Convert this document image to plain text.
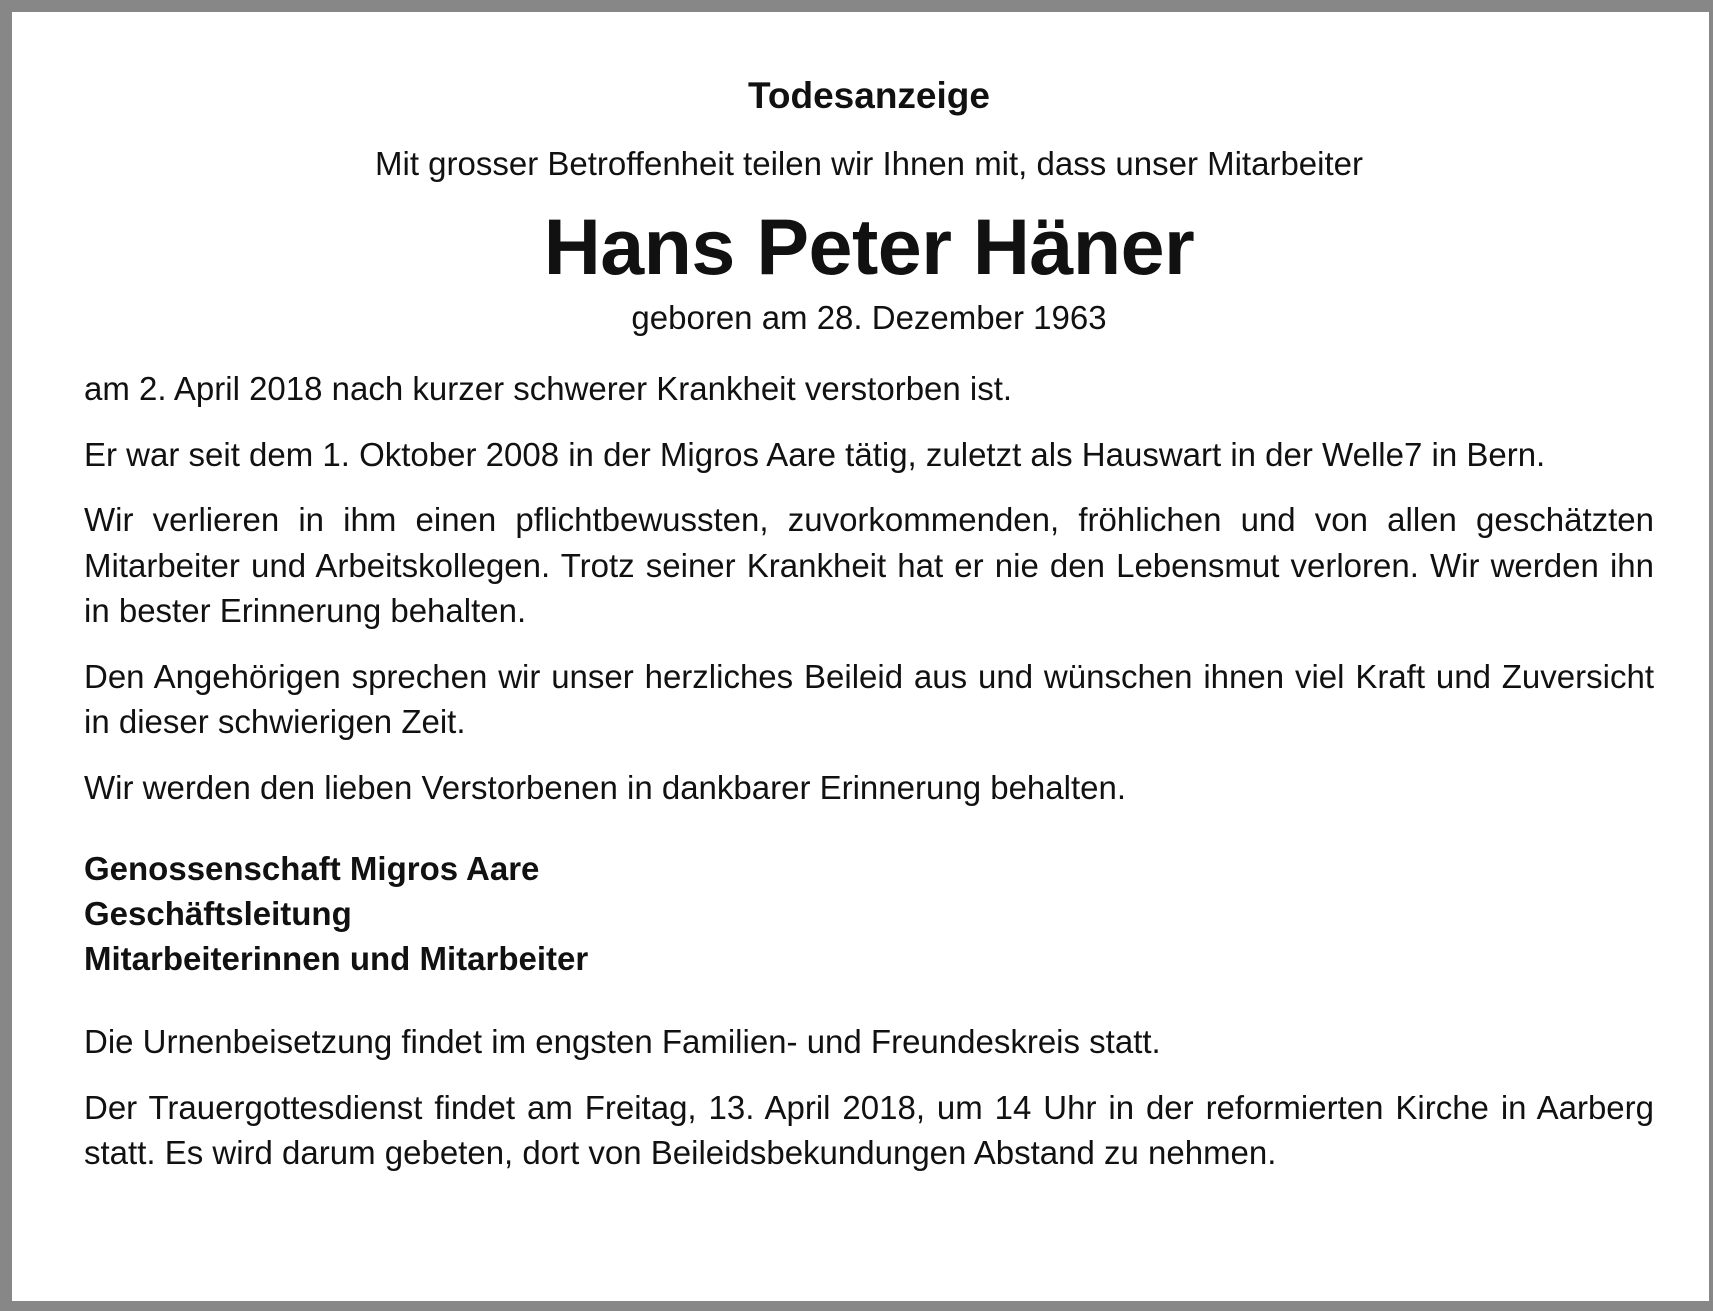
Todesanzeige
Mit grosser Betroffenheit teilen wir Ihnen mit, dass unser Mitarbeiter
Hans Peter Häner
geboren am 28. Dezember 1963

am 2. April 2018 nach kurzer schwerer Krankheit verstorben ist.

Er war seit dem 1. Oktober 2008 in der Migros Aare tätig, zuletzt als Hauswart in der Welle7 in Bern.

Wir verlieren in ihm einen pflichtbewussten, zuvorkommenden, fröhlichen und von allen geschätzten Mitarbeiter und Arbeitskollegen. Trotz seiner Krankheit hat er nie den Lebensmut verloren. Wir werden ihn in bester Erinnerung behalten.

Den Angehörigen sprechen wir unser herzliches Beileid aus und wünschen ihnen viel Kraft und Zuversicht in dieser schwierigen Zeit.

Wir werden den lieben Verstorbenen in dankbarer Erinnerung behalten.

Genossenschaft Migros Aare

Geschäftsleitung

Mitarbeiterinnen und Mitarbeiter

Die Urnenbeisetzung findet im engsten Familien- und Freundeskreis statt.

Der Trauergottesdienst findet am Freitag, 13. April 2018, um 14 Uhr in der reformierten Kirche in Aarberg statt. Es wird darum gebeten, dort von Beileidsbekundungen Abstand zu nehmen.
